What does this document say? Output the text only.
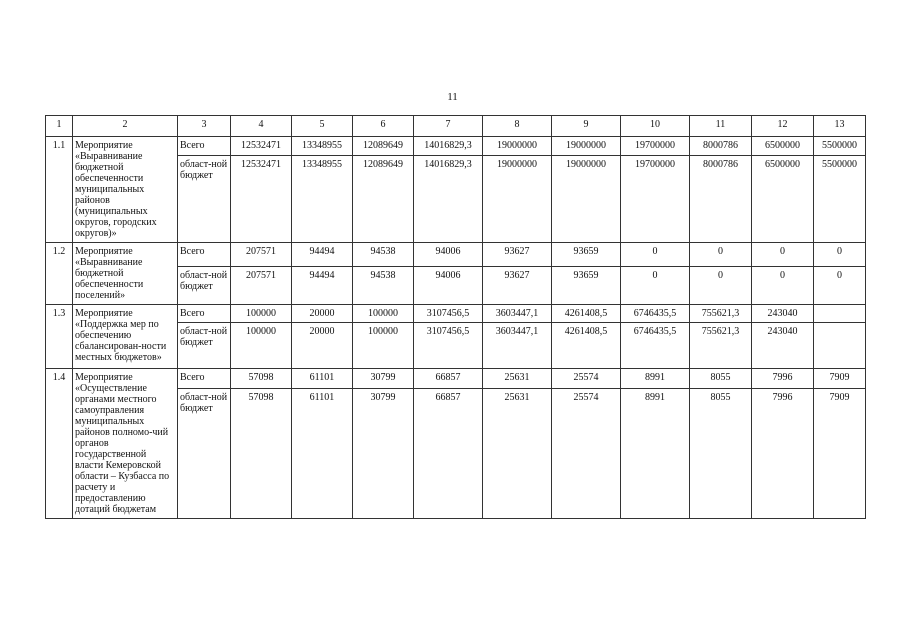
11
1	2	3	4	5	6	7	8	9	10	11	12	13
1.1	Мероприятие «Выравнивание бюджетной обеспеченности муниципальных районов (муниципальных округов, городских округов)»	Всего	12532471	13348955	12089649	14016829,3	19000000	19000000	19700000	8000786	6500000	5500000
		област-ной бюджет	12532471	13348955	12089649	14016829,3	19000000	19000000	19700000	8000786	6500000	5500000
1.2	Мероприятие «Выравнивание бюджетной обеспеченности поселений»	Всего	207571	94494	94538	94006	93627	93659	0	0	0	0
		област-ной бюджет	207571	94494	94538	94006	93627	93659	0	0	0	0
1.3	Мероприятие «Поддержка мер по обеспечению сбалансирован-ности местных бюджетов»	Всего	100000	20000	100000	3107456,5	3603447,1	4261408,5	6746435,5	755621,3	243040	
		област-ной бюджет	100000	20000	100000	3107456,5	3603447,1	4261408,5	6746435,5	755621,3	243040	
1.4	Мероприятие «Осуществление органами местного самоуправления муниципальных районов полномо-чий органов государственной власти Кемеровской области – Кузбасса по расчету и предоставлению дотаций бюджетам	Всего	57098	61101	30799	66857	25631	25574	8991	8055	7996	7909
		област-ной бюджет	57098	61101	30799	66857	25631	25574	8991	8055	7996	7909
